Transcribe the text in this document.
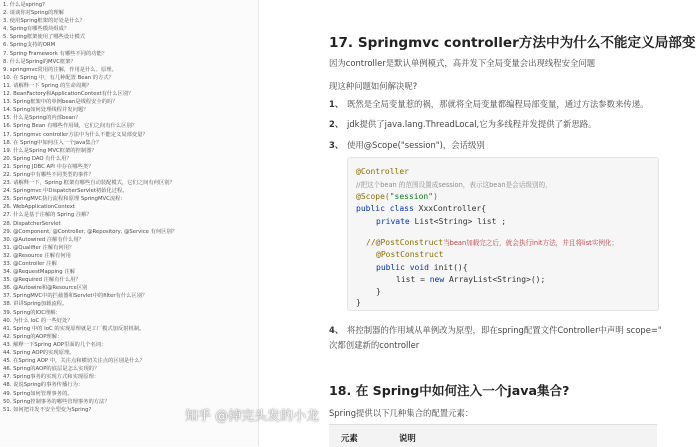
1. 什么是spring?
2. 谈谈你对Spring的理解
3. 使用Spring框架的好处是什么？
4. Spring有哪些模块组成？
5. Spring框架使用了哪些设计模式
6. Spring支持的ORM
7. Spring Framework 有哪些不同的功能？
8. 什么是Spring的MVC框架？
9. springmvc常用的注解，作用是什么、原理。
10. 在 Spring 中，有几种配置 Bean 的方式？
11. 请解释一下 Spring 的生命周期？
12. BeanFactory和ApplicationContext有什么区别？
13. Spring框架中的单例bean是线程安全的吗？
14. Spring如何处理线程并发问题？
15. 什么是Spring的内部bean？
16. Spring Bean 有哪些作用域，它们之间有什么区别？
17. Springmvc controller方法中为什么不能定义局部变量？
18. 在 Spring中如何注入一个java集合？
19. 什么是Spring MVC框架的控制器？
20. Spring DAO 有什么用？
21. Spring JDBC API 中存在哪些类？
22. Spring中有哪些不同类型的事件？
23. 请解释一下，Spring 框架有哪些自动装配模式，它们之间有何区别？
24. Springmvc 中DispatcherServlet初始化过程。
25. SpringMVC执行流程和原理 SpringMVC流程：
26. WebApplicationContext
27. 什么是基于注解的 Spring 注解？
28. DispatcherServlet
29. @Component, @Controller, @Repository, @Service 有何区别？
30. @Autowired 注解有什么用？
31. @Qualifier 注解有何用？
32. @Resource 注解有何用
33. @Controller 注解
34. @RequestMapping 注解
35. @Required 注解有什么用？
36. @Autowire和@Resource区别
37. SpringMVC中的拦截器和Servlet中的filter有什么区别？
38. 讲讲Spring加载流程。
39. Spring的IOC理解：
40. 为什么 IoC 的一些好处？
41. Spring 中的 IoC 的实现原理就是工厂模式加反射机制。
42. Spring的AOP理解：
43. 解释一下Spring AOP里面的几个名词：
44. Spring AOP的实现原理。
45. 在Spring AOP 中，关注点和横切关注点的区别是什么？
46. Spring的AOP的底层是怎么实现的？
47. Spring事务的实现方式和实现原理：
48. 说说Spring的事务传播行为：
49. Spring如何管理事务的。
50. Spring控制事务的哪些管理事务的方法？
51. 如何把并发不安全型变为Spring?
17. Springmvc controller方法中为什么不能定义局部变
因为controller是默认单例模式，高并发下全局变量会出现线程安全问题
现这种问题如何解决呢?
1、 既然是全局变量惹的祸，那就将全局变量都编程局部变量，通过方法参数来传递。
2、 jdk提供了java.lang.ThreadLocal,它为多线程并发提供了新思路。
3、 使用@Scope("session")，会话级别
@Controller
//把这个bean 的范围设置成session，表示这bean是会话级别的，
@Scope("session")
public class XxxController{
private List<String> list ;
//@PostConstruct当bean加载完之后，就会执行init方法，并且将list实例化；
@PostConstruct
public void init(){
list = new ArrayList<String>();
}
}
4、 将控制器的作用域从单例改为原型，即在spring配置文件Controller中声明 scope="
次都创建新的controller
18. 在 Spring中如何注入一个java集合?
Spring提供以下几种集合的配置元素：
元素	说明
知乎 @掉完头发的小龙
